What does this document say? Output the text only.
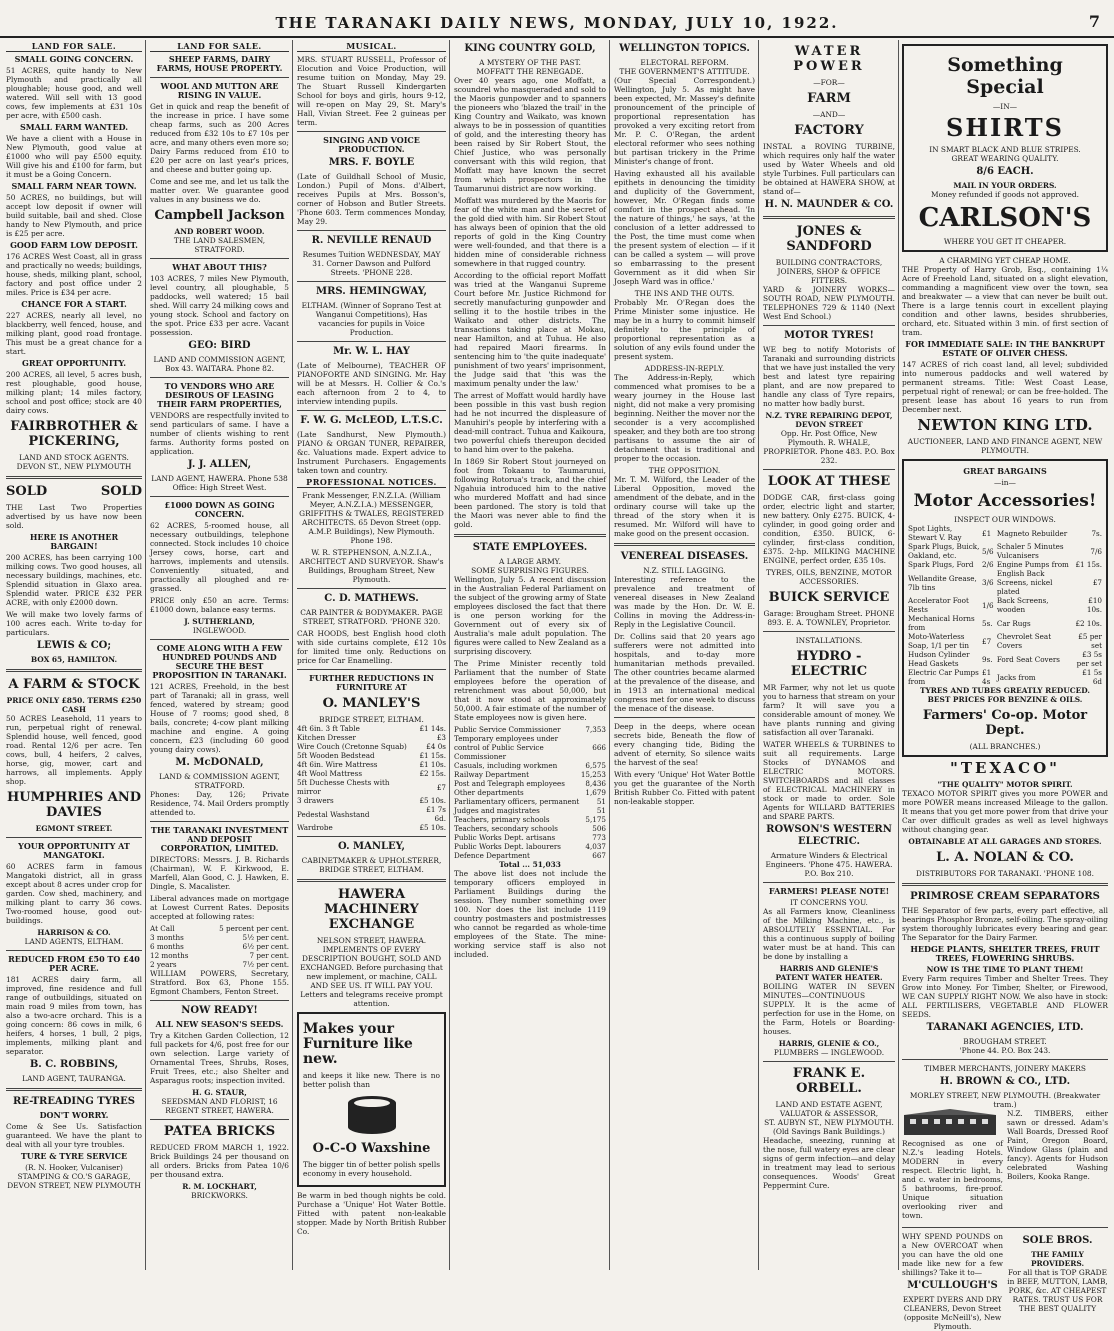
THE TARANAKI DAILY NEWS, MONDAY, JULY 10, 1922.	7
LAND FOR SALE.
SMALL GOING CONCERN.
51 ACRES, quite handy to New Plymouth and practically all ploughable; house good, and well watered. Will sell with 13 good cows, few implements at £31 10s per acre, with £500 cash.
SMALL FARM WANTED.
We have a client with a House in New Plymouth, good value at £1000 who will pay £500 equity. Will give his and £100 for farm, but it must be a Going Concern.
SMALL FARM NEAR TOWN.
50 ACRES, no buildings, but will accept low deposit if owner will build suitable, bail and shed. Close handy to New Plymouth, and price is £25 per acre.
GOOD FARM LOW DEPOSIT.
176 ACRES West Coast, all in grass and practically no weeds; buildings, house, sheds, milking plant, school, factory and post office under 2 miles. Price is £34 per acre.
CHANCE FOR A START.
227 ACRES, nearly all level, no blackberry, well fenced, house, and milking plant, good road frontage. This must be a great chance for a start.
GREAT OPPORTUNITY.
200 ACRES, all level, 5 acres bush, rest ploughable, good house, milking plant; 14 miles factory, school and post office; stock are 40 dairy cows.
FAIRBROTHER & PICKERING,
LAND AND STOCK AGENTS. DEVON ST., NEW PLYMOUTH
SOLD	SOLD
THE Last Two Properties advertised by us have now been sold.
HERE IS ANOTHER BARGAIN!
200 ACRES, has been carrying 100 milking cows. Two good houses, all necessary buildings, machines, etc. Splendid situation in Glaxo area. Splendid water. PRICE £32 PER ACRE, with only £2000 down.
We will make two lovely farms of 100 acres each. Write to-day for particulars.
LEWIS & CO;
BOX 65, HAMILTON.
A FARM & STOCK
PRICE ONLY £850. TERMS £250 CASH
50 ACRES Leasehold, 11 years to run, perpetual right of renewal. Splendid house, well fenced, good road. Rental 12/6 per acre. Ten cows, bull, 4 heifers, 2 calves, horse, gig, mower, cart and harrows, all implements. Apply shop.
HUMPHRIES AND DAVIES
EGMONT STREET.
YOUR OPPORTUNITY AT MANGATOKI.
60 ACRES farm in famous Mangatoki district, all in grass except about 8 acres under crop for garden. Cow shed, machinery, and milking plant to carry 36 cows. Two-roomed house, good out-buildings.
HARRISON & CO.
LAND AGENTS, ELTHAM.
REDUCED FROM £50 TO £40 PER ACRE.
181 ACRES dairy farm, all improved, fine residence and full range of outbuildings, situated on main road 9 miles from town, has also a two-acre orchard. This is a going concern: 86 cows in milk, 6 heifers, 4 horses, 1 bull, 2 pigs, implements, milking plant and separator.
B. C. ROBBINS,
LAND AGENT, TAURANGA.
RE-TREADING TYRES
DON'T WORRY.
Come & See Us. Satisfaction guaranteed. We have the plant to deal with all your tyre troubles.
TURE & TYRE SERVICE
(R. N. Hooker, Vulcaniser) STAMPING & CO.'S GARAGE, DEVON STREET, NEW PLYMOUTH
LAND FOR SALE.
SHEEP FARMS, DAIRY FARMS, HOUSE PROPERTY.
WOOL AND MUTTON ARE RISING IN VALUE.
Get in quick and reap the benefit of the increase in price. I have some cheap farms, such as 200 Acres reduced from £32 10s to £7 10s per acre, and many others even more so; Dairy Farms reduced from £10 to £20 per acre on last year's prices, and cheese and butter going up.
Come and see me, and let us talk the matter over. We guarantee good values in any business we do.
Campbell Jackson
AND ROBERT WOOD.
THE LAND SALESMEN, STRATFORD.
WHAT ABOUT THIS?
103 ACRES, 7 miles New Plymouth, level country, all ploughable, 5 paddocks, well watered; 15 bail shed. Will carry 24 milking cows and young stock. School and factory on the spot. Price £33 per acre. Vacant possession.
GEO: BIRD
LAND AND COMMISSION AGENT,
Box 43. WAITARA. Phone 82.
TO VENDORS WHO ARE DESIROUS OF LEASING THEIR FARM PROPERTIES,
VENDORS are respectfully invited to send particulars of same. I have a number of clients wishing to rent farms. Authority forms posted on application.
J. J. ALLEN,
LAND AGENT, HAWERA. Phone 538
Office: High Street West.
£1000 DOWN AS GOING CONCERN.
62 ACRES, 5-roomed house, all necessary outbuildings, telephone connected. Stock includes 10 choice Jersey cows, horse, cart and harrows, implements and utensils. Conveniently situated, and practically all ploughed and re-grassed.
PRICE only £50 an acre. Terms: £1000 down, balance easy terms.
J. SUTHERLAND,
INGLEWOOD.
COME ALONG WITH A FEW HUNDRED POUNDS AND SECURE THE BEST PROPOSITION IN TARANAKI.
121 ACRES, Freehold, in the best part of Taranaki; all in grass, well fenced, watered by stream; good House of 7 rooms; good shed, 8 bails, concrete; 4-cow plant milking machine and engine. A going concern, £23 (including 60 good young dairy cows).
M. McDONALD,
LAND & COMMISSION AGENT, STRATFORD.
Phones: Day, 126; Private Residence, 74. Mail Orders promptly attended to.
THE TARANAKI INVESTMENT AND DEPOSIT CORPORATION, LIMITED.
DIRECTORS: Messrs. J. B. Richards (Chairman), W. F. Kirkwood, E. Marfell, Alan Good, C. J. Hawken, E. Dingle, S. Macalister.
Liberal advances made on mortgage at Lowest Current Rates. Deposits accepted at following rates:
At Call	5 percent per cent.
3 months	5½ per cent.
6 months	6½ per cent.
12 months	7 per cent.
2 years	7½ per cent.
WILLIAM POWERS, Secretary, Stratford. Box 63, Phone 155. Egmont Chambers, Fenton Street.
NOW READY!
ALL NEW SEASON'S SEEDS.
Try a Kitchen Garden Collection, 12 full packets for 4/6, post free for our own selection. Large variety of Ornamental Trees, Shrubs, Roses, Fruit Trees, etc.; also Shelter and Asparagus roots; inspection invited.
H. G. STAUR,
SEEDSMAN AND FLORIST, 16 REGENT STREET, HAWERA.
PATEA BRICKS
REDUCED FROM MARCH 1, 1922. Brick Buildings 24 per thousand on all orders. Bricks from Patea 10/6 per thousand extra.
R. M. LOCKHART,
BRICKWORKS.
MUSICAL.
MRS. STUART RUSSELL, Professor of Elocution and Voice Production, will resume tuition on Monday, May 29. The Stuart Russell Kindergarten School for boys and girls, hours 9-12, will re-open on May 29, St. Mary's Hall, Vivian Street. Fee 2 guineas per term.
SINGING AND VOICE PRODUCTION.
MRS. F. BOYLE
(Late of Guildhall School of Music, London.) Pupil of Mons. d'Albert, receives Pupils at Mrs. Bosson's, corner of Hobson and Butler Streets. 'Phone 603. Term commences Monday, May 29.
R. NEVILLE RENAUD
Resumes Tuition WEDNESDAY, MAY 31. Corner Dawson and Pulford Streets. 'PHONE 228.
MRS. HEMINGWAY,
ELTHAM. (Winner of Soprano Test at Wanganui Competitions), Has vacancies for pupils in Voice Production.
Mr. W. L. HAY
(Late of Melbourne), TEACHER OF PIANOFORTE AND SINGING. Mr. Hay will be at Messrs. H. Collier & Co.'s each afternoon from 2 to 4, to interview intending pupils.
F. W. G. McLEOD, L.T.S.C.
(Late Sandhurst, New Plymouth.) PIANO & ORGAN TUNER, REPAIRER, &c. Valuations made. Expert advice to Instrument Purchasers. Engagements taken town and country.
PROFESSIONAL NOTICES.
Frank Messenger, F.N.Z.I.A. (William Meyer, A.N.Z.I.A.) MESSENGER, GRIFFITHS & TWALES, REGISTERED ARCHITECTS. 65 Devon Street (opp. A.M.P. Buildings), New Plymouth. Phone 198.
W. R. STEPHENSON, A.N.Z.I.A., ARCHITECT AND SURVEYOR. Shaw's Buildings, Brougham Street, New Plymouth.
C. D. MATHEWS.
CAR PAINTER & BODYMAKER. PAGE STREET, STRATFORD. 'PHONE 320.
CAR HOODS, best English hood cloth with side curtains complete, £12 10s for limited time only. Reductions on price for Car Enamelling.
FURTHER REDUCTIONS IN FURNITURE AT
O. MANLEY'S
BRIDGE STREET, ELTHAM.
4ft 6in. 3 ft Table	£1 14s.
Kitchen Dresser	£3
Wire Couch (Cretonne Squab)	£4 0s
5ft Wooden Bedstead	£1 15s.
4ft 6in. Wire Mattress	£1 10s.
4ft Wool Mattress	£2 15s.
5ft Duchesse Chests with mirror	£7
3 drawers	£5 10s.
Pedestal Washstand	£1 7s 6d.
Wardrobe	£5 10s.
O. MANLEY,
CABINETMAKER & UPHOLSTERER, BRIDGE STREET, ELTHAM.
HAWERA MACHINERY EXCHANGE
NELSON STREET, HAWERA. IMPLEMENTS OF EVERY DESCRIPTION BOUGHT, SOLD AND EXCHANGED. Before purchasing that new implement, or machine, CALL AND SEE US. IT WILL PAY YOU. Letters and telegrams receive prompt attention.
Makes your Furniture like new.
and keeps it like new. There is no better polish than
O-C-O Waxshine
The bigger tin of better polish spells economy in every household.
Be warm in bed though nights be cold. Purchase a 'Unique' Hot Water Bottle. Fitted with patent non-leakable stopper. Made by North British Rubber Co.
KING COUNTRY GOLD,
A MYSTERY OF THE PAST.
MOFFATT THE RENEGADE.
Over 40 years ago, one Moffatt, a scoundrel who masqueraded and sold to the Maoris gunpowder and to spanners the pioneers who 'blazed the trail' in the King Country and Waikato, was known always to be in possession of quantities of gold, and the interesting theory has been raised by Sir Robert Stout, the Chief Justice, who was personally conversant with this wild region, that Moffatt may have known the secret from which prospectors in the Taumarunui district are now working.
Moffatt was murdered by the Maoris for fear of the white man and the secret of the gold died with him. Sir Robert Stout has always been of opinion that the old reports of gold in the King Country were well-founded, and that there is a hidden mine of considerable richness somewhere in that rugged country.
According to the official report Moffatt was tried at the Wanganui Supreme Court before Mr. Justice Richmond for secretly manufacturing gunpowder and selling it to the hostile tribes in the Waikato and other districts. The transactions taking place at Mokau, near Hamilton, and at Tuhua. He also had repaired Maori firearms. In sentencing him to 'the quite inadequate' punishment of two years' imprisonment, the Judge said that 'this was the maximum penalty under the law.'
The arrest of Moffatt would hardly have been possible in this vast bush region had he not incurred the displeasure of Manuhiri's people by interfering with a dead-mill contract. Tuhua and Kaikoura, two powerful chiefs thereupon decided to hand him over to the pakeha.
In 1869 Sir Robert Stout journeyed on foot from Tokaanu to Taumarunui, following Rotorua's track, and the chief Ngahuia introduced him to the native who murdered Moffatt and had since been pardoned. The story is told that the Maori was never able to find the gold.
STATE EMPLOYEES.
A LARGE ARMY.
SOME SURPRISING FIGURES.
Wellington, July 5. A recent discussion in the Australian Federal Parliament on the subject of the growing army of State employees disclosed the fact that there is one person working for the Government out of every six of Australia's male adult population. The figures were called to New Zealand as a surprising discovery.
The Prime Minister recently told Parliament that the number of State employees before the operation of retrenchment was about 50,000, but that it now stood at approximately 50,000. A fair estimate of the number of State employees now is given here.
Public Service Commissioner	7,353
Temporary employees under control of Public Service Commissioner	666
Casuals, including workmen	6,575
Railway Department	15,253
Post and Telegraph employees	8,436
Other departments	1,679
Parliamentary officers, permanent	51
Judges and magistrates	51
Teachers, primary schools	5,175
Teachers, secondary schools	506
Public Works Dept. artisans	773
Public Works Dept. labourers	4,037
Defence Department	667
Total ... 51,033
The above list does not include the temporary officers employed in Parliament Buildings during the session. They number something over 100. Nor does the list include 1119 country postmasters and postmistresses who cannot be regarded as whole-time employees of the State. The mine-working service staff is also not included.
WELLINGTON TOPICS.
ELECTORAL REFORM.
THE GOVERNMENT'S ATTITUDE.
(Our Special Correspondent.) Wellington, July 5. As might have been expected, Mr. Massey's definite pronouncement of the principle of proportional representation has provoked a very exciting retort from Mr. P. C. O'Regan, the ardent electoral reformer who sees nothing but partisan trickery in the Prime Minister's change of front.
Having exhausted all his available epithets in denouncing the timidity and duplicity of the Government, however, Mr. O'Regan finds some comfort in the prospect ahead. 'In the nature of things,' he says, 'at the conclusion of a letter addressed to the Post, the time must come when the present system of election — if it can be called a system — will prove so embarrassing to the present Government as it did when Sir Joseph Ward was in office.'
THE INS AND THE OUTS.
Probably Mr. O'Regan does the Prime Minister some injustice. He may be in a hurry to commit himself definitely to the principle of proportional representation as a solution of any evils found under the present system.
ADDRESS-IN-REPLY.
The Address-in-Reply, which commenced what promises to be a weary journey in the House last night, did not make a very promising beginning. Neither the mover nor the seconder is a very accomplished speaker, and they both are too strong partisans to assume the air of detachment that is traditional and proper to the occasion.
THE OPPOSITION.
Mr. T. M. Wilford, the Leader of the Liberal Opposition, moved the amendment of the debate, and in the ordinary course will take up the thread of the story when it is resumed. Mr. Wilford will have to make good on the present occasion.
VENEREAL DISEASES.
N.Z. STILL LAGGING.
Interesting reference to the prevalence and treatment of venereal diseases in New Zealand was made by the Hon. Dr. W. E. Collins in moving the Address-in-Reply in the Legislative Council.
Dr. Collins said that 20 years ago sufferers were not admitted into hospitals, and to-day more humanitarian methods prevailed. The other countries became alarmed at the prevalence of the disease, and in 1913 an international medical congress met for one week to discuss the menace of the disease.
Deep in the deeps, where ocean secrets bide, Beneath the flow of every changing tide, Biding the advent of eternity, So silence waits the harvest of the sea!
With every 'Unique' Hot Water Bottle you get the guarantee of the North British Rubber Co. Fitted with patent non-leakable stopper.
WATER POWER
—FOR—
FARM
—AND—
FACTORY
INSTAL a ROVING TURBINE, which requires only half the water used by Water Wheels and old style Turbines. Full particulars can be obtained at HAWERA SHOW, at stand of—
H. N. MAUNDER & CO.
JONES & SANDFORD
BUILDING CONTRACTORS, JOINERS, SHOP & OFFICE FITTERS.
YARD & JOINERY WORKS— SOUTH ROAD, NEW PLYMOUTH. TELEPHONES 729 & 1140 (Next West End School.)
MOTOR TYRES!
WE beg to notify Motorists of Taranaki and surrounding districts that we have just installed the very best and latest tyre repairing plant, and are now prepared to handle any class of Tyre repairs, no matter how badly burst.
N.Z. TYRE REPAIRING DEPOT, DEVON STREET
Opp. Hr. Post Office, New Plymouth. R. WHALE, PROPRIETOR. Phone 483. P.O. Box 232.
LOOK AT THESE
DODGE CAR, first-class going order, electric light and starter, new battery. Only £275. BUICK, 4-cylinder, in good going order and condition, £350. BUICK, 6-cylinder, first-class condition, £375. 2-hp. MILKING MACHINE ENGINE, perfect order, £35 10s.
TYRES, OILS, BENZINE, MOTOR ACCESSORIES.
BUICK SERVICE
Garage: Brougham Street. PHONE 893. E. A. TOWNLEY, Proprietor.
INSTALLATIONS.
HYDRO - ELECTRIC
MR Farmer, why not let us quote you to harness that stream on your farm? It will save you a considerable amount of money. We have plants running and giving satisfaction all over Taranaki.
WATER WHEELS & TURBINES to suit all requirements. Large Stocks of DYNAMOS and ELECTRIC MOTORS. SWITCHBOARDS and all classes of ELECTRICAL MACHINERY in stock or made to order. Sole Agents for WILLARD BATTERIES and SPARE PARTS.
ROWSON'S WESTERN ELECTRIC.
Armature Winders & Electrical Engineers. 'Phone 475. HAWERA. P.O. Box 210.
FARMERS! PLEASE NOTE!
IT CONCERNS YOU.
As all Farmers know, Cleanliness of the Milking Machine, etc., is ABSOLUTELY ESSENTIAL. For this a continuous supply of boiling water must be at hand. This can be done by installing a
HARRIS AND GLENIE'S
PATENT WATER HEATER.
BOILING WATER IN SEVEN MINUTES—CONTINUOUS SUPPLY. It is the acme of perfection for use in the Home, on the Farm, Hotels or Boarding-houses.
HARRIS, GLENIE & CO.,
PLUMBERS — INGLEWOOD.
FRANK E. ORBELL.
LAND AND ESTATE AGENT, VALUATOR & ASSESSOR,
ST. AUBYN ST., NEW PLYMOUTH. (Old Savings Bank Buildings.)
Headache, sneezing, running at the nose, full watery eyes are clear signs of germ infection—and delay in treatment may lead to serious consequences. Woods' Great Peppermint Cure.
Something Special
—IN—
SHIRTS
IN SMART BLACK AND BLUE STRIPES.
GREAT WEARING QUALITY.
8/6 EACH.
MAIL IN YOUR ORDERS.
Money refunded if goods not approved.
CARLSON'S
WHERE YOU GET IT CHEAPER.
A CHARMING YET CHEAP HOME.
THE Property of Harry Grob, Esq., containing 1¼ Acre of Freehold Land, situated on a slight elevation, commanding a magnificent view over the town, sea and breakwater — a view that can never be built out. There is a large tennis court in excellent playing condition and other lawns, besides shrubberies, orchard, etc. Situated within 3 min. of first section of tram.
FOR IMMEDIATE SALE: IN THE BANKRUPT ESTATE OF OLIVER CHESS.
147 ACRES of rich coast land, all level; subdivided into numerous paddocks and well watered by permanent streams. Title: West Coast Lease, perpetual right of renewal; or can be free-holded. The present lease has about 16 years to run from December next.
NEWTON KING LTD.
AUCTIONEER, LAND AND FINANCE AGENT, NEW PLYMOUTH.
GREAT BARGAINS
—in—
Motor Accessories!
INSPECT OUR WINDOWS.
Spot Lights, Stewart V. Ray	£1	Magneto Rebuilder	7s.
Spark Plugs, Buick, Oakland, etc.	5/6	Schaler 5 Minutes Vulcanisers	7/6
Spark Plugs, Ford	2/6	Engine Pumps from	£1 15s.
Wellandite Grease, 7lb tins	3/6	English Back Screens, nickel plated	£7
Accelerator Foot Rests	1/6	Back Screens, wooden	£10 10s.
Mechanical Horns from	5s.	Car Rugs	£2 10s.
Moto-Waterless Soap, 1/1 per tin	£7	Chevrolet Seat Covers	£5 per set
Hudson Cylinder Head Gaskets	9s.	Ford Seat Covers	£3 5s per set
Electric Car Pumps from	£1 4s	Jacks from	£1 5s 6d
TYRES AND TUBES GREATLY REDUCED. BEST PRICES FOR BENZINE & OILS.
Farmers' Co-op. Motor Dept.
(ALL BRANCHES.)
"TEXACO"
"THE QUALITY" MOTOR SPIRIT.
TEXACO MOTOR SPIRIT gives you more POWER and more POWER means increased Mileage to the gallon. It means that you get more power from that drive your Car over difficult grades as well as level highways without changing gear.
OBTAINABLE AT ALL GARAGES AND STORES.
L. A. NOLAN & CO.
DISTRIBUTORS FOR TARANAKI. 'PHONE 108.
PRIMROSE CREAM SEPARATORS
THE Separator of few parts, every part effective, all bearings Phosphor Bronze, self-oiling. The spray-oiling system thoroughly lubricates every bearing and gear. The Separator for the Dairy Farmer.
HEDGE PLANTS, SHELTER TREES, FRUIT TREES, FLOWERING SHRUBS.
NOW IS THE TIME TO PLANT THEM!
Every Farm requires Timber and Shelter Trees. They Grow into Money. For Timber, Shelter, or Firewood, WE CAN SUPPLY RIGHT NOW. We also have in stock: ALL FERTILISERS, VEGETABLE AND FLOWER SEEDS.
TARANAKI AGENCIES, LTD.
BROUGHAM STREET.
'Phone 44. P.O. Box 243.
TIMBER MERCHANTS, JOINERY MAKERS
H. BROWN & CO., LTD.
MORLEY STREET, NEW PLYMOUTH. (Breakwater tram.)
Recognised as one of N.Z.'s leading Hotels. MODERN in every respect. Electric light, h. and c. water in bedrooms, 5 bathrooms, fire-proof. Unique situation overlooking river and town.
N.Z. TIMBERS, either sawn or dressed. Adam's Wall Boards, Dressed Roof Paint, Oregon Board, Window Glass (plain and fancy). Agents for Hudson celebrated Washing Boilers, Kooka Range.
WHY SPEND POUNDS on a New OVERCOAT when you can have the old one made like new for a few shillings? Take it to—
M'CULLOUGH'S
EXPERT DYERS AND DRY CLEANERS, Devon Street (opposite McNeill's), New Plymouth.
SOLE BROS.
THE FAMILY PROVIDERS.
For all that is TOP GRADE in BEEF, MUTTON, LAMB, PORK, &c. AT CHEAPEST RATES. TRUST US FOR THE BEST QUALITY
